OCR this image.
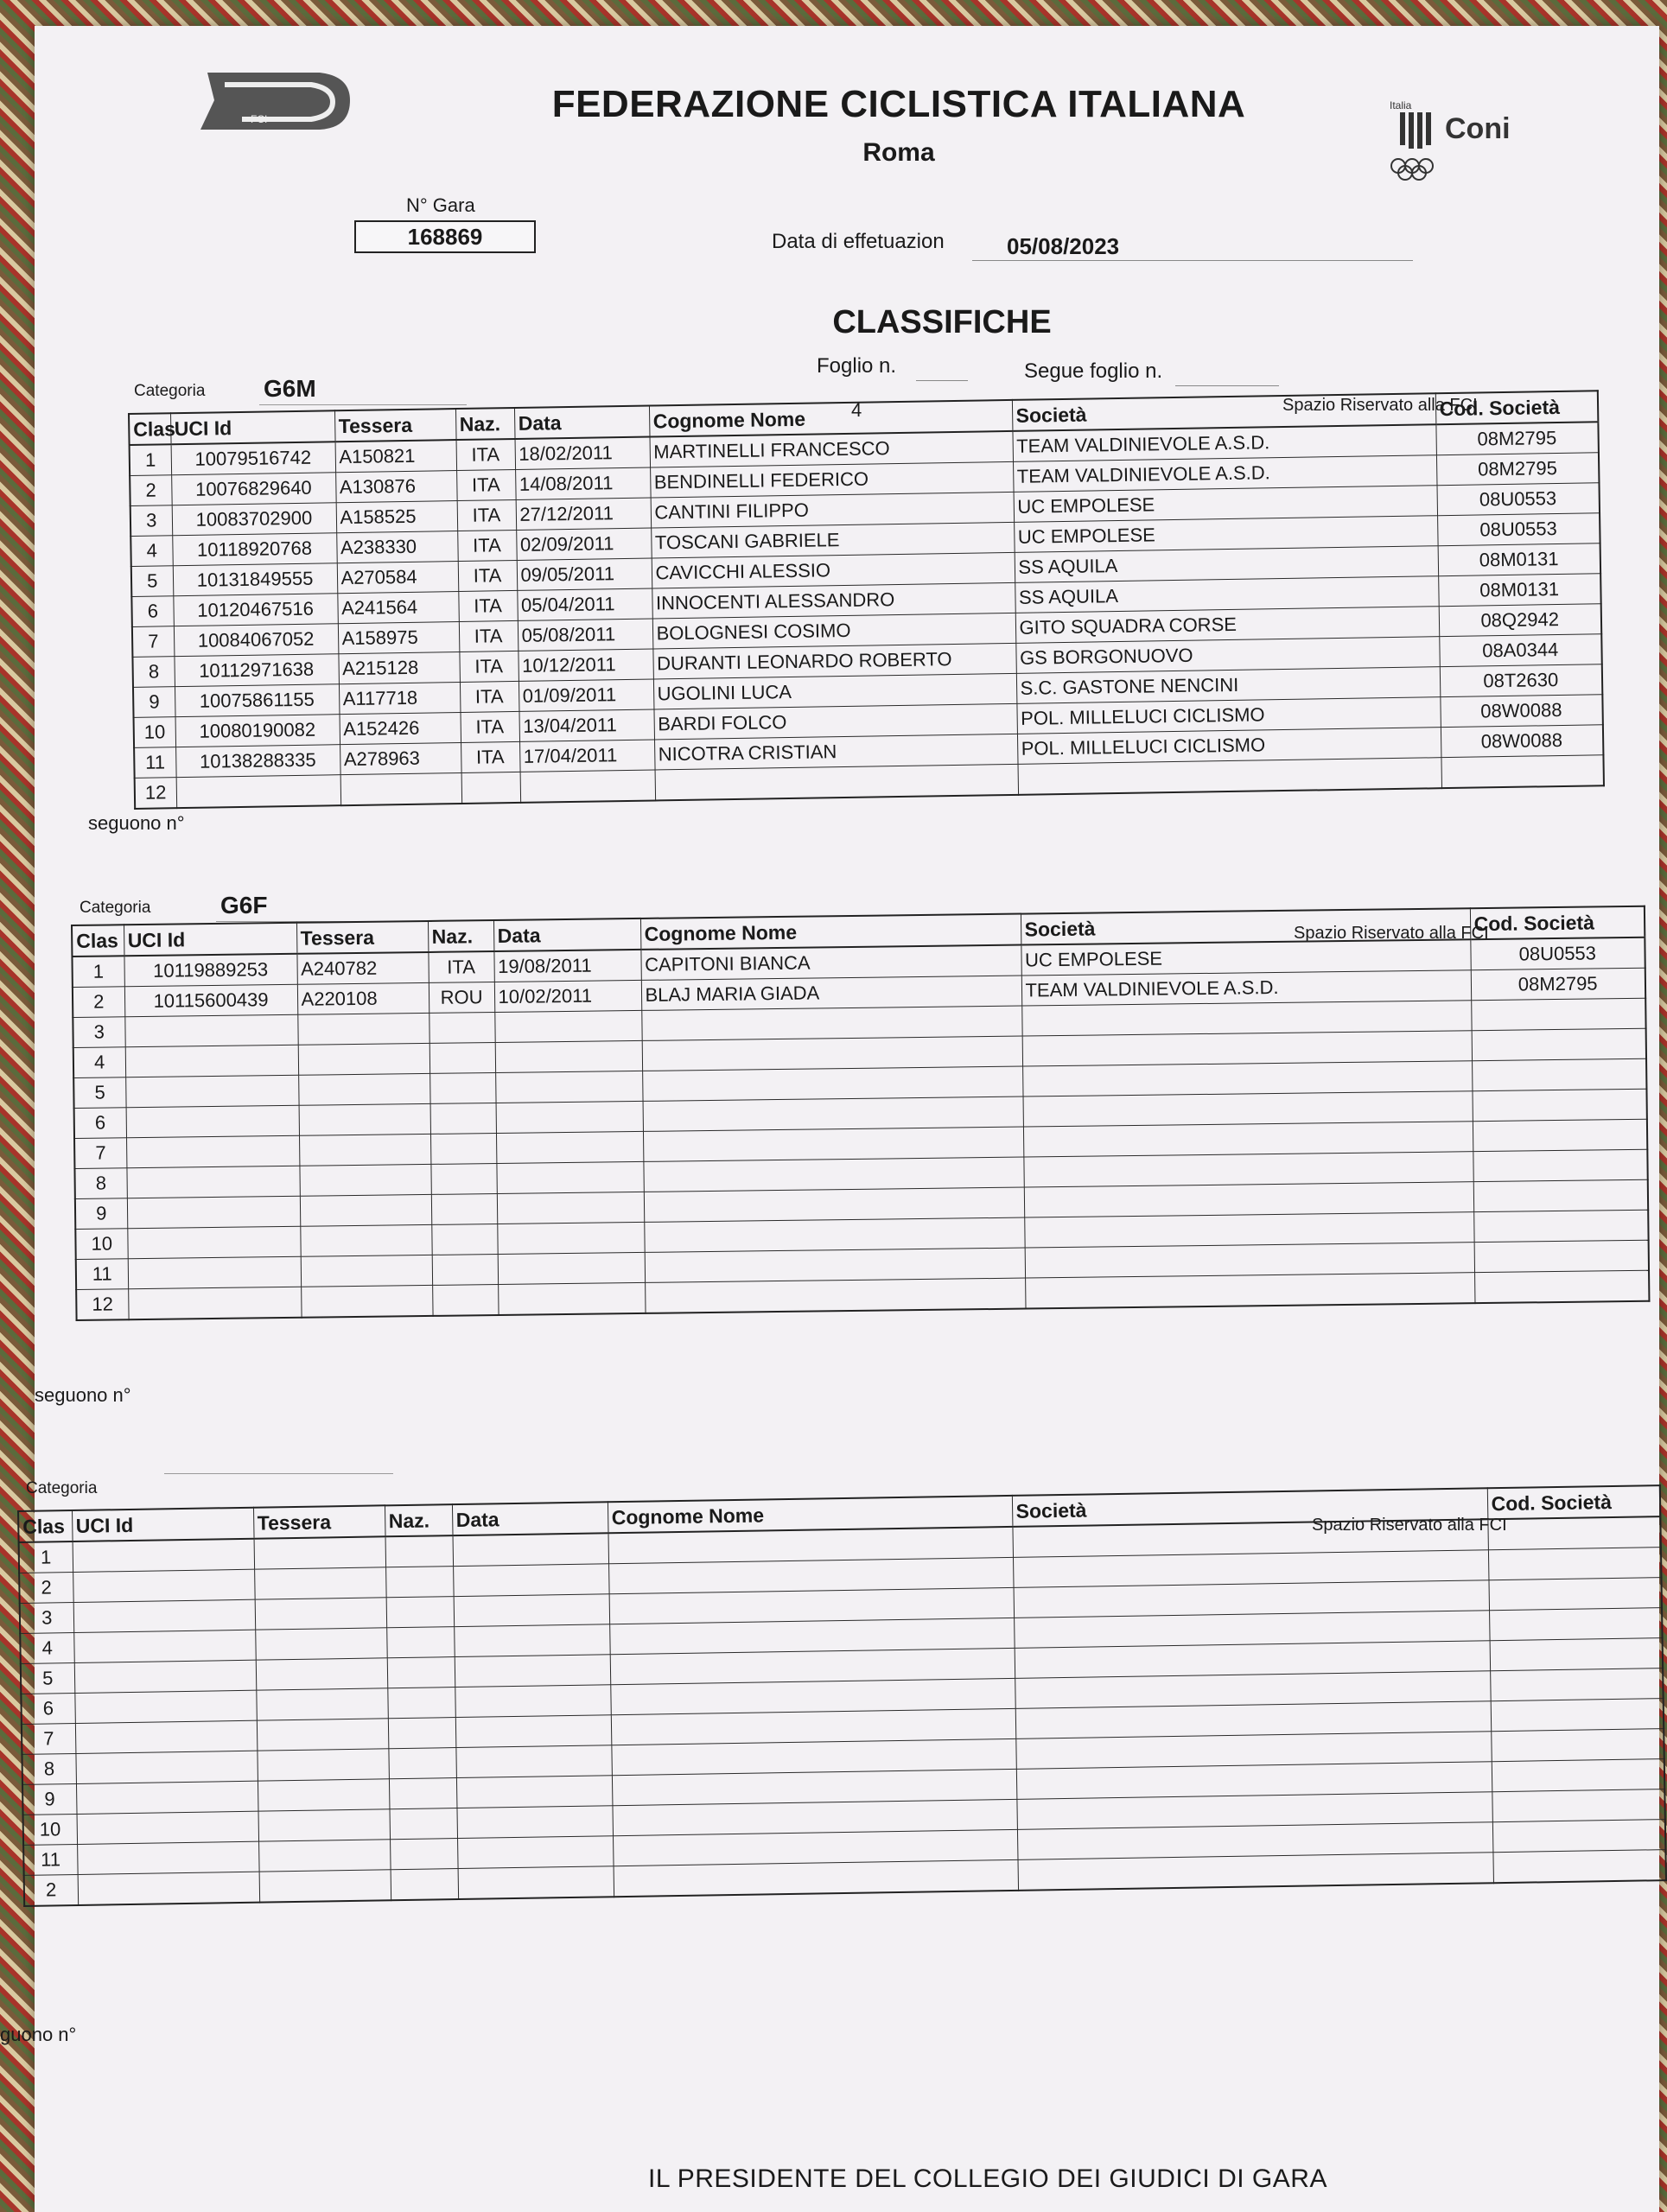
FCI	FEDERAZIONE CICLISTICA ITALIANA
Roma
Italia
Coni
N° Gara
168869	Data di effetuazion	05/08/2023
CLASSIFICHE
Foglio n.
4
Segue foglio n.
Categoria G6M
Spazio Riservato alla FCI
Clas	UCI Id	Tessera	Naz.	Data	Cognome Nome	Società	Cod. Società
1	10079516742	A150821	ITA	18/02/2011	MARTINELLI FRANCESCO	TEAM VALDINIEVOLE A.S.D.	08M2795
2	10076829640	A130876	ITA	14/08/2011	BENDINELLI FEDERICO	TEAM VALDINIEVOLE A.S.D.	08M2795
3	10083702900	A158525	ITA	27/12/2011	CANTINI FILIPPO	UC EMPOLESE	08U0553
4	10118920768	A238330	ITA	02/09/2011	TOSCANI GABRIELE	UC EMPOLESE	08U0553
5	10131849555	A270584	ITA	09/05/2011	CAVICCHI ALESSIO	SS AQUILA	08M0131
6	10120467516	A241564	ITA	05/04/2011	INNOCENTI ALESSANDRO	SS AQUILA	08M0131
7	10084067052	A158975	ITA	05/08/2011	BOLOGNESI COSIMO	GITO SQUADRA CORSE	08Q2942
8	10112971638	A215128	ITA	10/12/2011	DURANTI LEONARDO ROBERTO	GS BORGONUOVO	08A0344
9	10075861155	A117718	ITA	01/09/2011	UGOLINI LUCA	S.C. GASTONE NENCINI	08T2630
10	10080190082	A152426	ITA	13/04/2011	BARDI FOLCO	POL. MILLELUCI CICLISMO	08W0088
11	10138288335	A278963	ITA	17/04/2011	NICOTRA CRISTIAN	POL. MILLELUCI CICLISMO	08W0088
12							
seguono n°
Categoria	G6F
Spazio Riservato alla FCI
Clas	UCI Id	Tessera	Naz.	Data	Cognome Nome	Società	Cod. Società
1	10119889253	A240782	ITA	19/08/2011	CAPITONI BIANCA	UC EMPOLESE	08U0553
2	10115600439	A220108	ROU	10/02/2011	BLAJ MARIA GIADA	TEAM VALDINIEVOLE A.S.D.	08M2795
3							
4							
5							
6							
7							
8							
9							
10							
11							
12							
seguono n°
Categoria
Spazio Riservato alla FCI
Clas	UCI Id	Tessera	Naz.	Data	Cognome Nome	Società	Cod. Società
1							
2							
3							
4							
5							
6							
7							
8							
9							
10							
11							
2							
guono n°
IL PRESIDENTE DEL COLLEGIO DEI GIUDICI DI GARA
